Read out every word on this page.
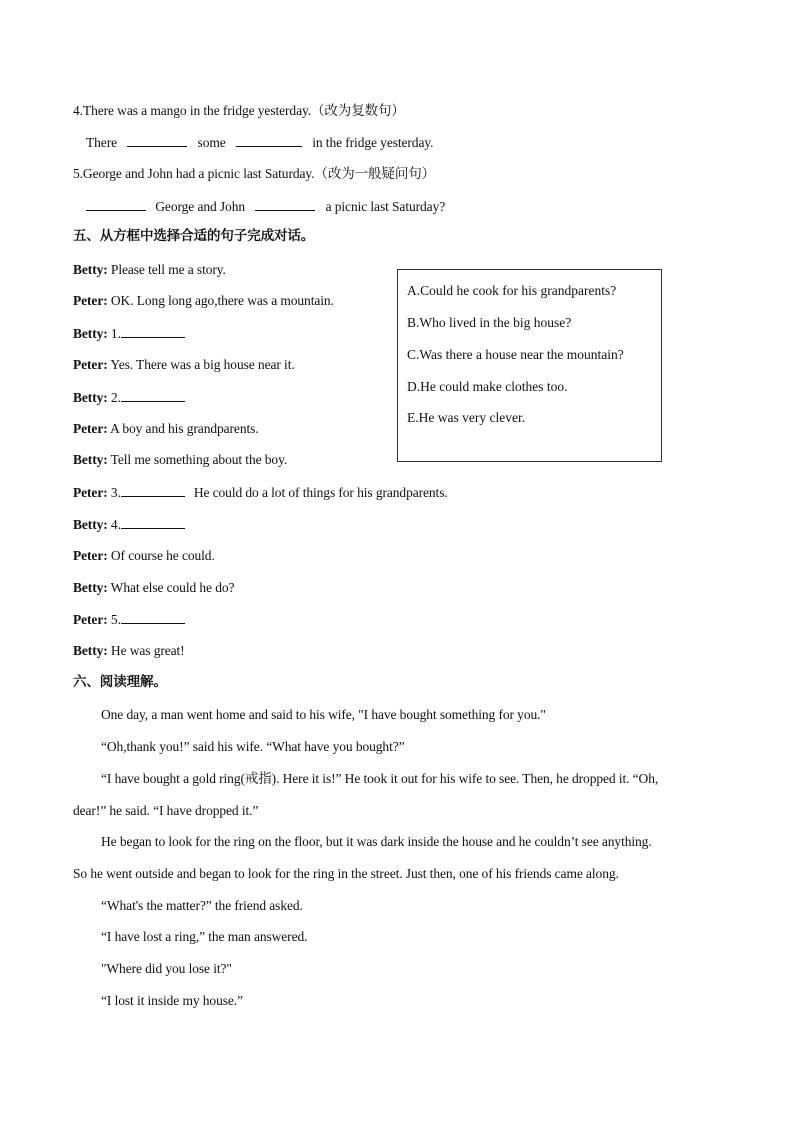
4.There was a mango in the fridge yesterday.（改为复数句）
There	some	in the fridge yesterday.
5.George and John had a picnic last Saturday.（改为一般疑问句）
George and John	a picnic last Saturday?
五、从方框中选择合适的句子完成对话。
Betty: Please tell me a story.
Peter: OK. Long long ago,there was a mountain.
Betty: 1.
Peter: Yes. There was a big house near it.
Betty: 2.
Peter: A boy and his grandparents.
Betty: Tell me something about the boy.
Peter: 3.	He could do a lot of things for his grandparents.
Betty: 4.
Peter: Of course he could.
Betty: What else could he do?
Peter: 5.
Betty: He was great!
A.Could he cook for his grandparents?
B.Who lived in the big house?
C.Was there a house near the mountain?
D.He could make clothes too.
E.He was very clever.
六、阅读理解。
One day, a man went home and said to his wife, "I have bought something for you."
“Oh,thank you!” said his wife. “What have you bought?”
“I have bought a gold ring(戒指). Here it is!” He took it out for his wife to see. Then, he dropped it. “Oh,
dear!” he said. “I have dropped it.”
He began to look for the ring on the floor, but it was dark inside the house and he couldn’t see anything.
So he went outside and began to look for the ring in the street. Just then, one of his friends came along.
“What's the matter?” the friend asked.
“I have lost a ring,” the man answered.
"Where did you lose it?"
“I lost it inside my house.”
